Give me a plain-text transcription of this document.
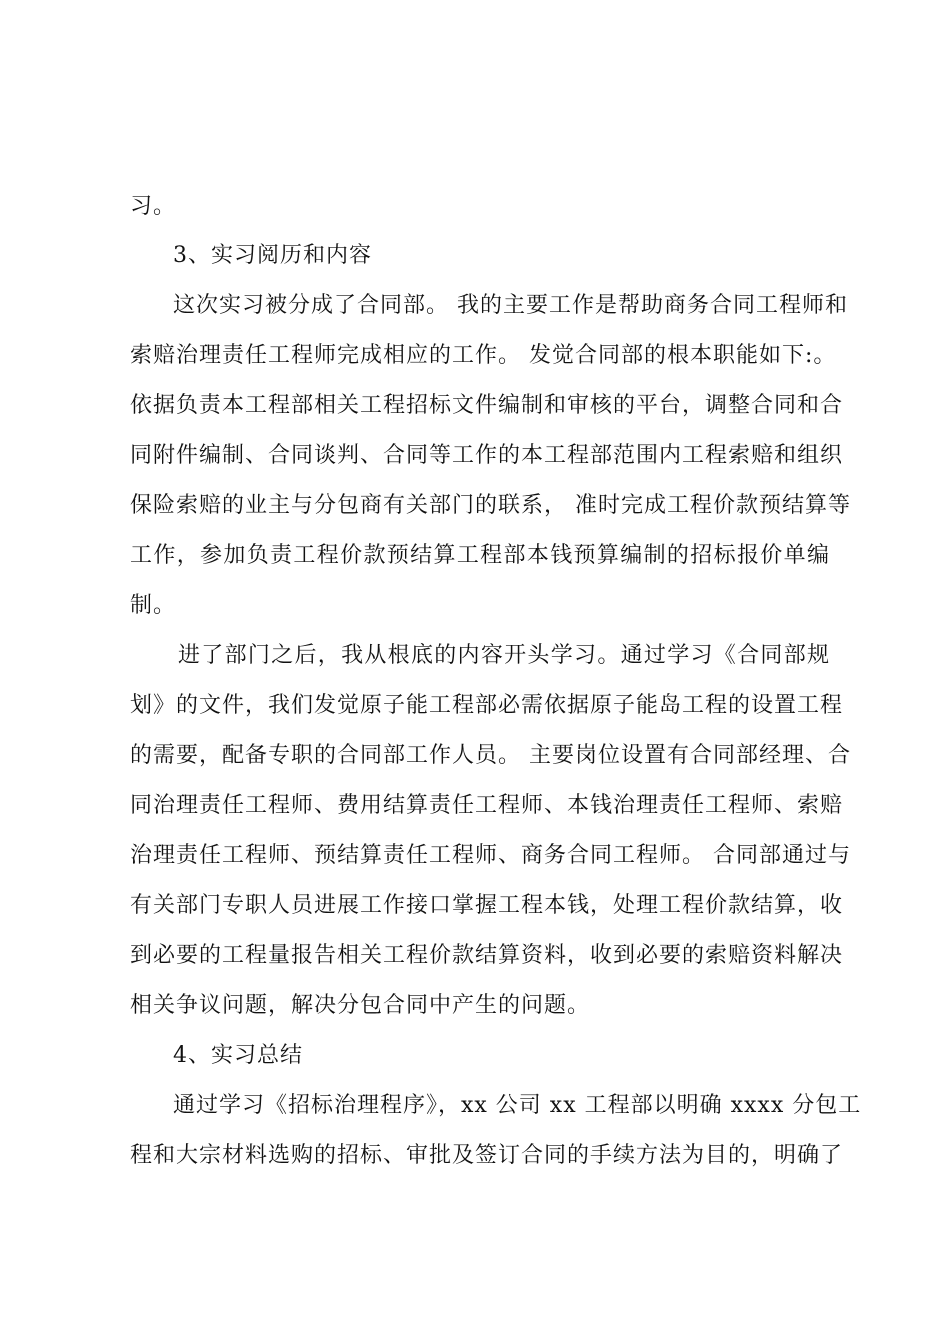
习。
3、实习阅历和内容
这次实习被分成了合同部。 我的主要工作是帮助商务合同工程师和
索赔治理责任工程师完成相应的工作。 发觉合同部的根本职能如下:。
依据负责本工程部相关工程招标文件编制和审核的平台，调整合同和合
同附件编制、合同谈判、合同等工作的本工程部范围内工程索赔和组织
保险索赔的业主与分包商有关部门的联系， 准时完成工程价款预结算等
工作，参加负责工程价款预结算工程部本钱预算编制的招标报价单编
制。
进了部门之后，我从根底的内容开头学习。通过学习《合同部规
划》的文件，我们发觉原子能工程部必需依据原子能岛工程的设置工程
的需要，配备专职的合同部工作人员。 主要岗位设置有合同部经理、合
同治理责任工程师、费用结算责任工程师、本钱治理责任工程师、索赔
治理责任工程师、预结算责任工程师、商务合同工程师。 合同部通过与
有关部门专职人员进展工作接口掌握工程本钱，处理工程价款结算，收
到必要的工程量报告相关工程价款结算资料，收到必要的索赔资料解决
相关争议问题，解决分包合同中产生的问题。
4、实习总结
通过学习《招标治理程序》，xx 公司 xx 工程部以明确 xxxx 分包工
程和大宗材料选购的招标、审批及签订合同的手续方法为目的，明确了
